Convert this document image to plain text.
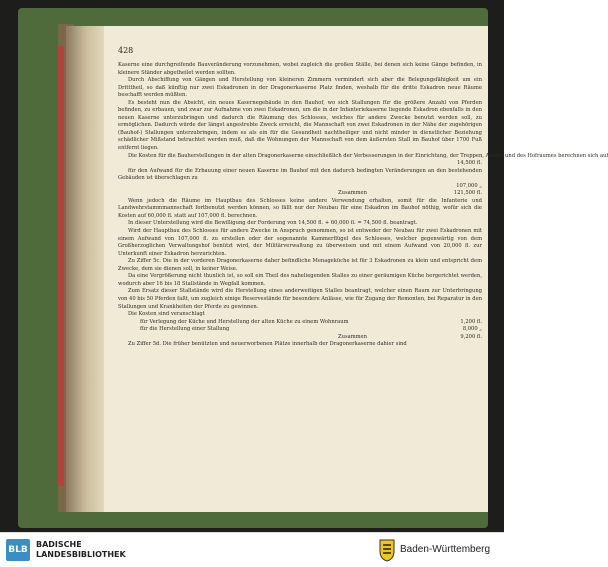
428

Kaserne eine durchgreifende Bauveränderung vorzunehmen, wobei zugleich die großen Ställe, bei denen sich keine Gänge befinden, in kleinere Ständer abgetheilet werden sollten.

Durch Abschiffung von Gängen und Herstellung von kleineren Zimmern vermindert sich aber die Belegungsfähigkeit um ein Dritttheil, so daß künftig nur zwei Eskadronen in der Dragonerkaserne Platz finden, weshalb für die dritte Eskadron neue Räume beschafft werden müßten.

Es besteht nun die Absicht, ein neues Kasernegebäude in den Bauhof, wo sich Stallungen für die größere Anzahl von Pferden befinden, zu erbauen, und zwar zur Aufnahme von zwei Eskadronen, um die in der Infanteriekaserne liegende Eskadron ebenfalls in den neuen Kaserne unterzubringen und dadurch die Räumung des Schlosses, welches für andere Zwecke benutzt werden soll, zu ermöglichen. Dadurch würde der längst angestrebte Zweck erreicht, die Mannschaft von zwei Eskadronen in der Nähe der zugehörigen (Bauhof-) Stallungen unterzubringen, indem es als ein für die Gesundheit nachtheiliger und nicht minder in dienstlicher Beziehung schädlicher Mißstand betrachtet werden muß, daß die Wohnungen der Mannschaft von dem äußersten Stall im Bauhof über 1700 Fuß entfernt liegen.

Die Kosten für die Bauherstellungen in der alten Dragonerkaserne einschließlich der Verbesserungen in der Einrichtung, der Treppen, Aborte und des Hofraumes berechnen sich auf
14,500 fl.

für den Aufwand für die Erbauung einer neuen Kaserne im Bauhof mit den dadurch bedingten Veränderungen an den bestehenden Gebäuden ist überschlagen zu

107,000 „
Zusammen	121,500 fl.

Wenn jedoch die Räume im Hauptbau des Schlosses keine andere Verwendung erhalten, somit für die Infanterie und Landwehrstammmannschaft fortbenutzt werden können, so fällt nur der Neubau für eine Eskadron im Bauhof nöthig, wofür sich die Kosten auf 60,000 fl. statt auf 107,000 fl. berechnen.

In dieser Unterstellung wird die Bewilligung der Forderung von 14,500 fl. + 60,000 fl. = 74,500 fl. beantragt.

Wird der Hauptbau des Schlosses für andere Zwecke in Anspruch genommen, so ist entweder der Neubau für zwei Eskadronen mit einem Aufwand von 107,000 fl. zu erstellen oder der sogenannte Kammerflügel des Schlosses, welcher gegenwärtig von dem Großherzoglichen Verwaltungshof benützt wird, der Militärverwaltung zu überweisen und mit einem Aufwand von 20,000 fl. zur Unterkunft einer Eskadron herzurichten.

Zu Ziffer 5c. Die in der vorderen Dragonerkaserne daher befindliche Menageküche ist für 3 Eskadronen zu klein und entspricht dem Zwecke, dem sie dienen soll, in keiner Weise.

Da eine Vergrößerung nicht thunlich ist, so soll ein Theil des naheliegenden Stalles zu einer geräumigen Küche hergerichtet werden, wodurch aber 16 bis 18 Stallstände in Wegfall kommen.

Zum Ersatz dieser Stallstände wird die Herstellung eines anderweitigen Stalles beantragt, welcher einen Raum zur Unterbringung von 40 bis 50 Pferden faßt, um zugleich einige Reservestände für besondere Anlässe, wie für Zugang der Remonten, bei Reparatur in den Stallungen und Krankheiten der Pferde zu gewinnen.

Die Kosten sind veranschlagt

für Verlegung der Küche und Herstellung der alten Küche zu einem Wohnraum	1,200 fl.
für die Herstellung einer Stallung	8,000 „
Zusammen	9,200 fl.

Zu Ziffer 5d. Die früher benützten und neuerworbenen Plätze innerhalb der Dragonerkaserne dahier sind

BLB
BADISCHE
LANDESBIBLIOTHEK	Baden-Württemberg
